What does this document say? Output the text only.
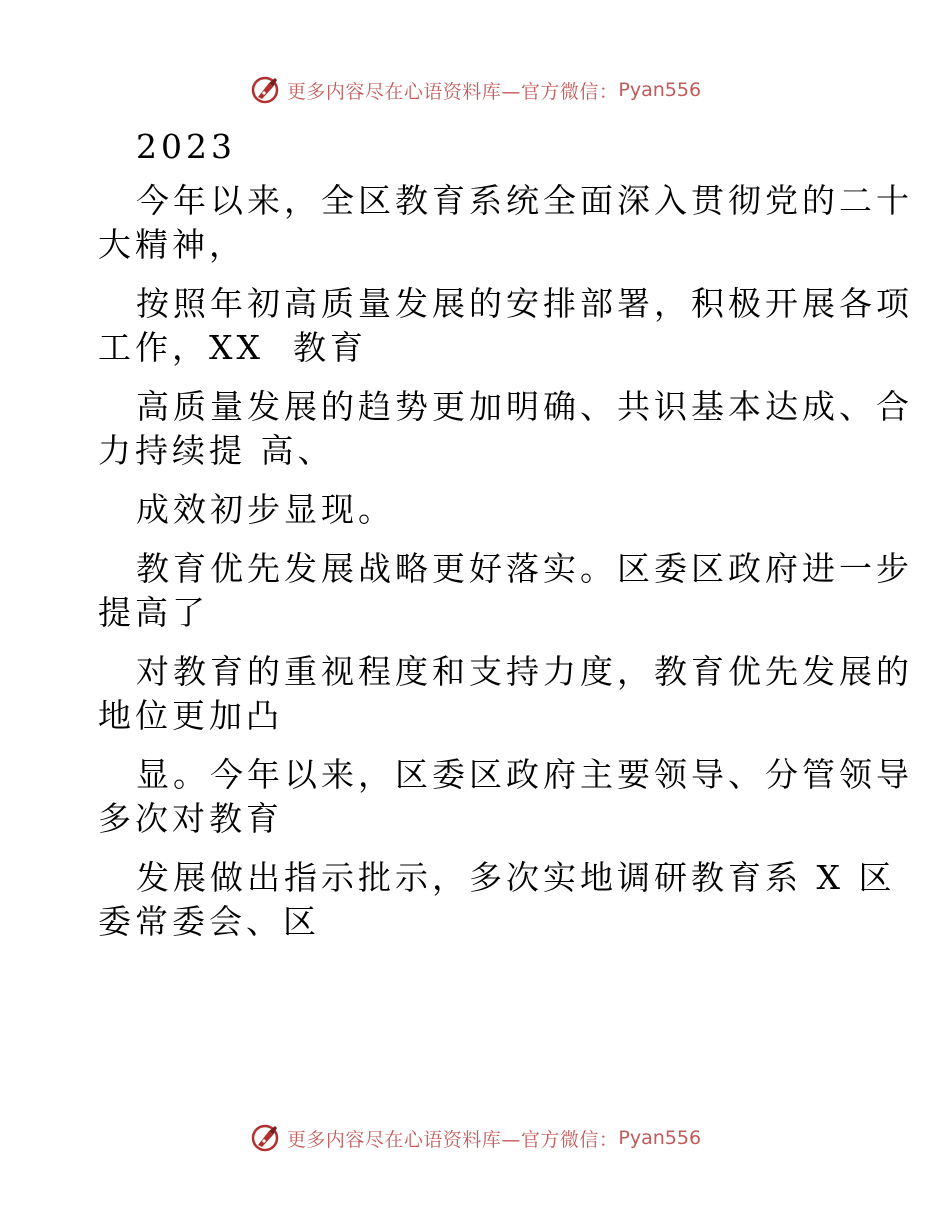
更多内容尽在心语资料库—官方微信： Pyan556
2023
今年以来，全区教育系统全面深入贯彻党的二十
大精神，
按照年初高质量发展的安排部署，积极开展各项
工作，XX  教育
高质量发展的趋势更加明确、共识基本达成、合
力持续提 高、
成效初步显现。
教育优先发展战略更好落实。区委区政府进一步
提高了
对教育的重视程度和支持力度，教育优先发展的
地位更加凸
显。今年以来，区委区政府主要领导、分管领导
多次对教育
发展做出指示批示，多次实地调研教育系 X 区
委常委会、区
更多内容尽在心语资料库—官方微信： Pyan556
